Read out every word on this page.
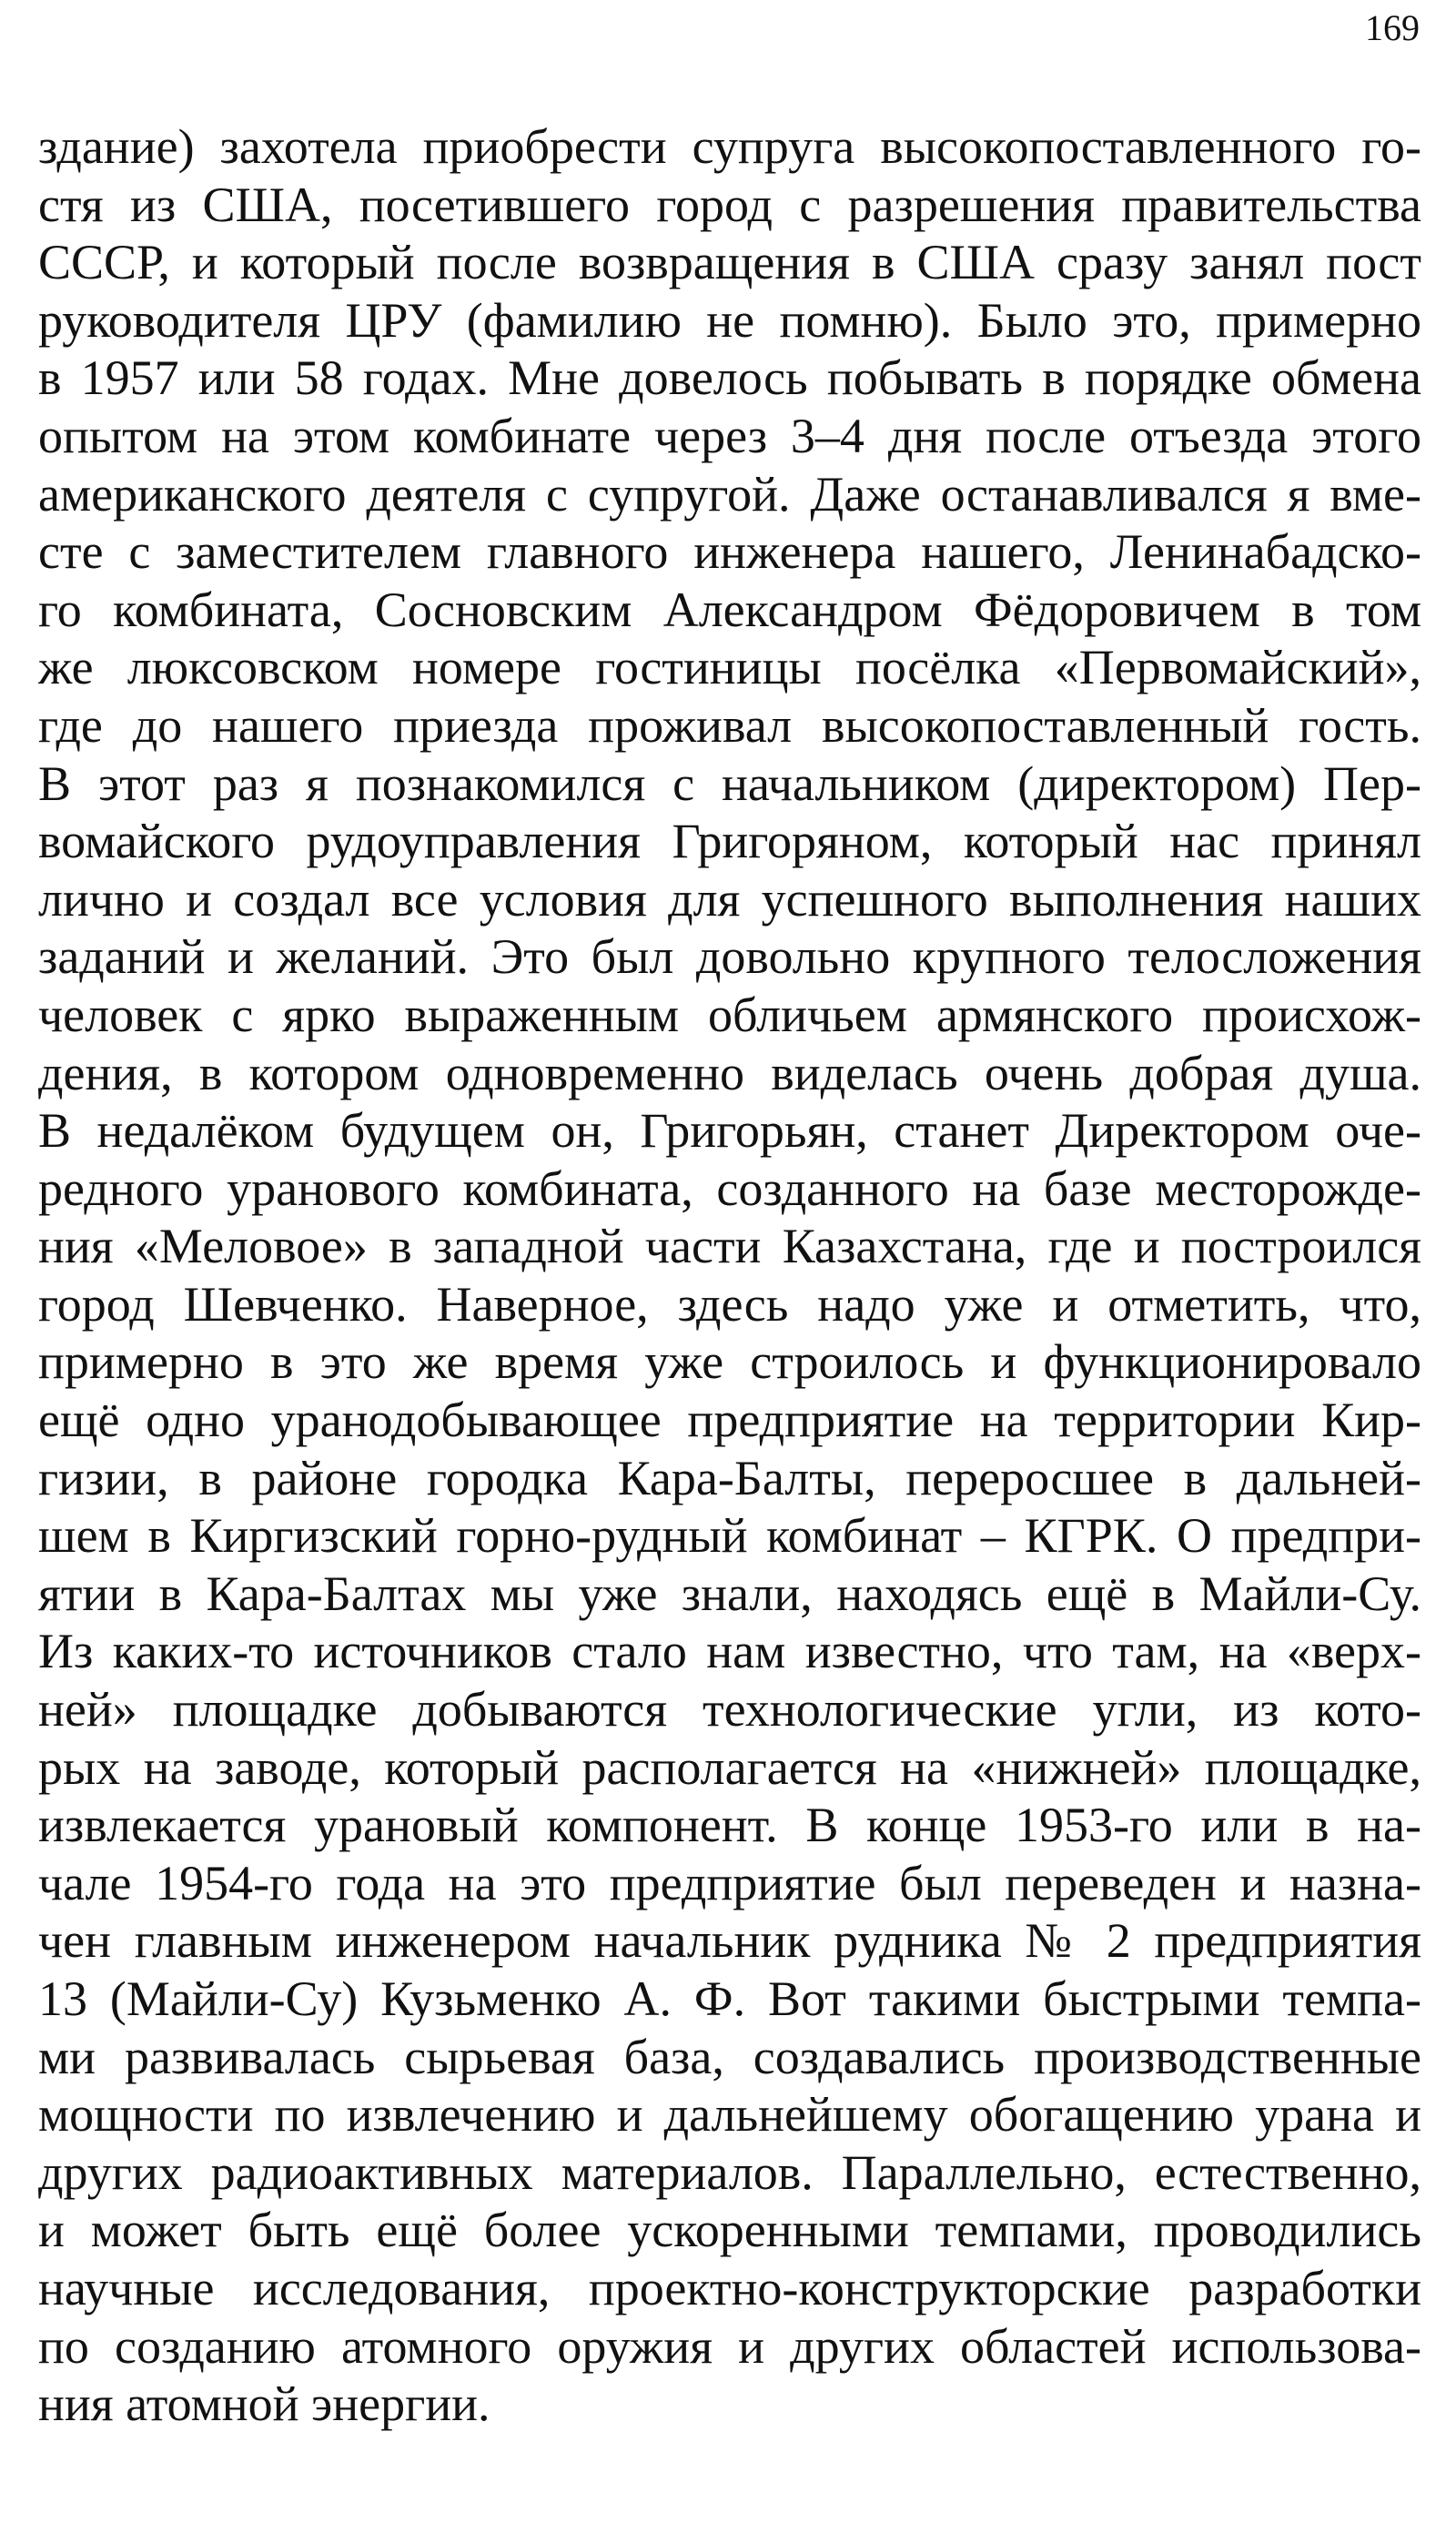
169
здание) захотела приобрести супруга высокопоставленного го-
стя из США, посетившего город с разрешения правительства
СССР, и который после возвращения в США сразу занял пост
руководителя ЦРУ (фамилию не помню). Было это, примерно
в 1957 или 58 годах. Мне довелось побывать в порядке обмена
опытом на этом комбинате через 3–4 дня после отъезда этого
американского деятеля с супругой. Даже останавливался я вме-
сте с заместителем главного инженера нашего, Ленинабадско-
го комбината, Сосновским Александром Фёдоровичем в том
же люксовском номере гостиницы посёлка «Первомайский»,
где до нашего приезда проживал высокопоставленный гость.
В этот раз я познакомился с начальником (директором) Пер-
вомайского рудоуправления Григоряном, который нас принял
лично и создал все условия для успешного выполнения наших
заданий и желаний. Это был довольно крупного телосложения
человек с ярко выраженным обличьем армянского происхож-
дения, в котором одновременно виделась очень добрая душа.
В недалёком будущем он, Григорьян, станет Директором оче-
редного уранового комбината, созданного на базе месторожде-
ния «Меловое» в западной части Казахстана, где и построился
город Шевченко. Наверное, здесь надо уже и отметить, что,
примерно в это же время уже строилось и функционировало
ещё одно уранодобывающее предприятие на территории Кир-
гизии, в районе городка Кара-Балты, переросшее в дальней-
шем в Киргизский горно-рудный комбинат – КГРК. О предпри-
ятии в Кара-Балтах мы уже знали, находясь ещё в Майли-Су.
Из каких-то источников стало нам известно, что там, на «верх-
ней» площадке добываются технологические угли, из кото-
рых на заводе, который располагается на «нижней» площадке,
извлекается урановый компонент. В конце 1953-го или в на-
чале 1954-го года на это предприятие был переведен и назна-
чен главным инженером начальник рудника № 2 предприятия
13 (Майли-Су) Кузьменко А. Ф. Вот такими быстрыми темпа-
ми развивалась сырьевая база, создавались производственные
мощности по извлечению и дальнейшему обогащению урана и
других радиоактивных материалов. Параллельно, естественно,
и может быть ещё более ускоренными темпами, проводились
научные исследования, проектно-конструкторские разработки
по созданию атомного оружия и других областей использова-
ния атомной энергии.
